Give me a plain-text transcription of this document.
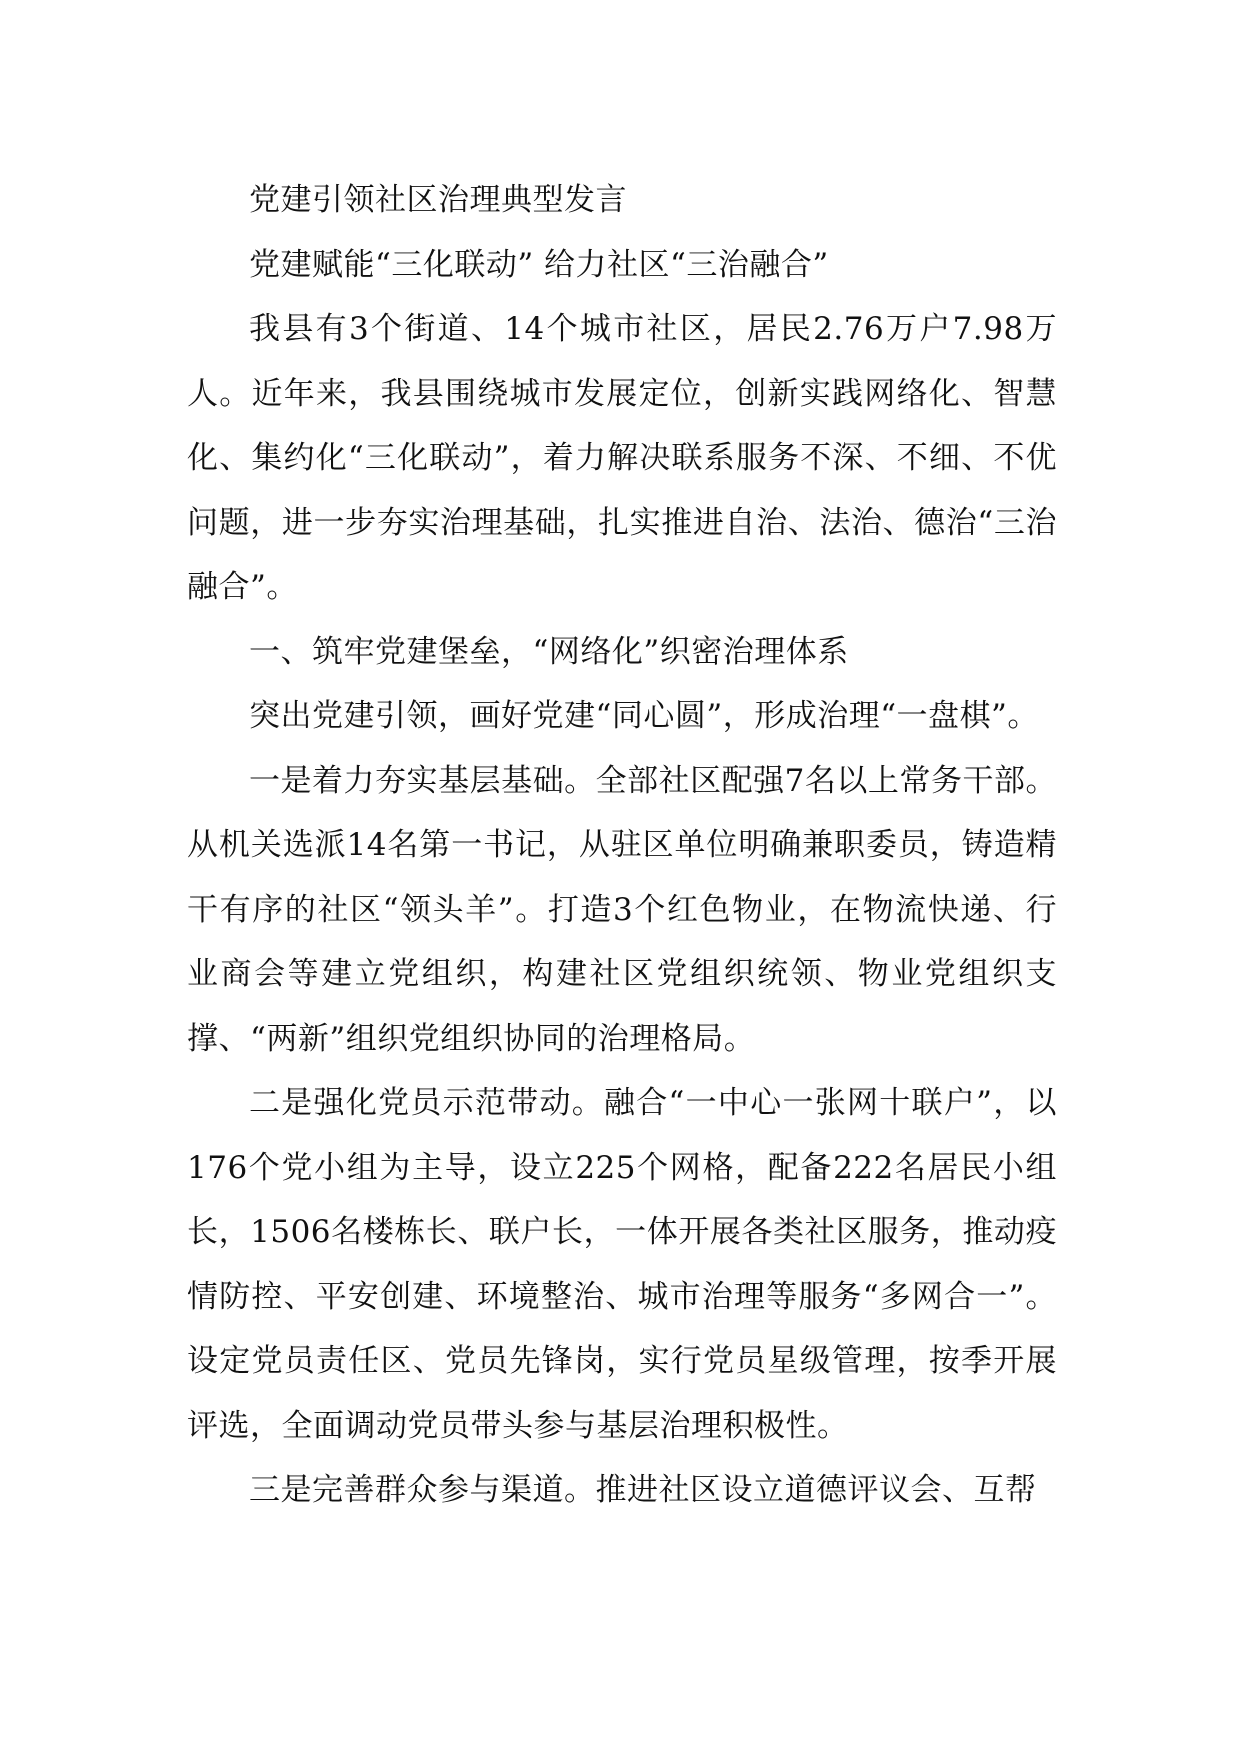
党建引领社区治理典型发言

党建赋能“三化联动” 给力社区“三治融合”

我县有3个街道、14个城市社区，居民2.76万户7.98万人。近年来，我县围绕城市发展定位，创新实践网络化、智慧化、集约化“三化联动”，着力解决联系服务不深、不细、不优问题，进一步夯实治理基础，扎实推进自治、法治、德治“三治融合”。

一、筑牢党建堡垒，“网络化”织密治理体系

突出党建引领，画好党建“同心圆”，形成治理“一盘棋”。

一是着力夯实基层基础。全部社区配强7名以上常务干部。从机关选派14名第一书记，从驻区单位明确兼职委员，铸造精干有序的社区“领头羊”。打造3个红色物业，在物流快递、行业商会等建立党组织，构建社区党组织统领、物业党组织支撑、“两新”组织党组织协同的治理格局。

二是强化党员示范带动。融合“一中心一张网十联户”，以176个党小组为主导，设立225个网格，配备222名居民小组长，1506名楼栋长、联户长，一体开展各类社区服务，推动疫情防控、平安创建、环境整治、城市治理等服务“多网合一”。设定党员责任区、党员先锋岗，实行党员星级管理，按季开展评选，全面调动党员带头参与基层治理积极性。

三是完善群众参与渠道。推进社区设立道德评议会、互帮
